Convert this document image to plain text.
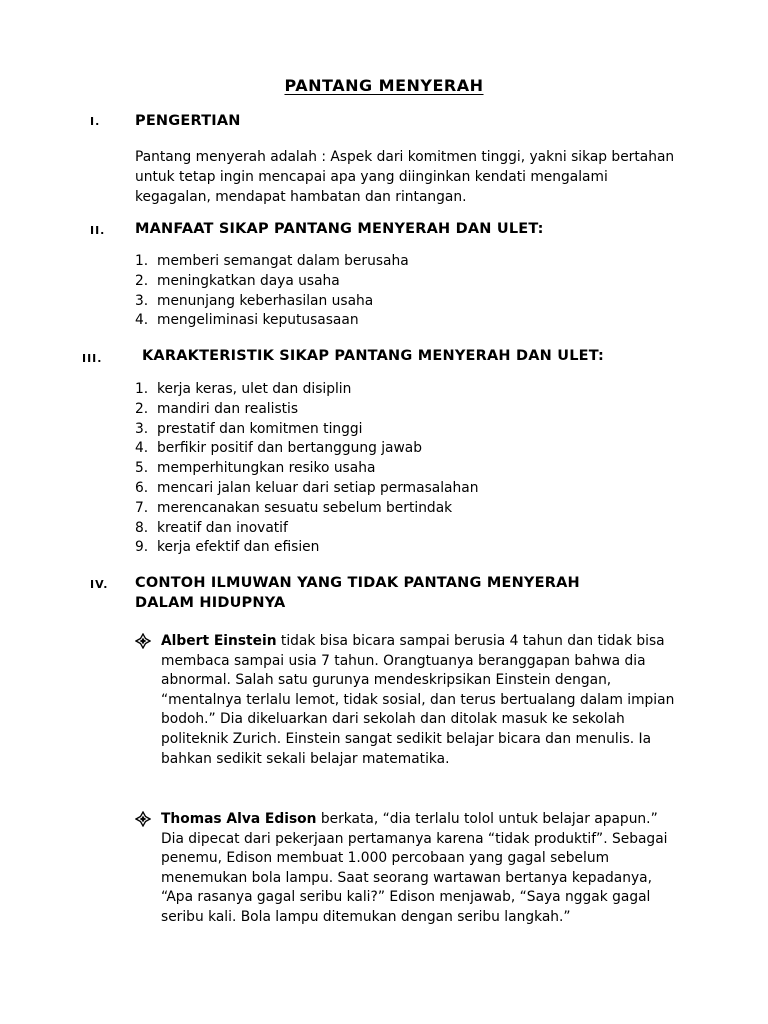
PANTANG MENYERAH
I. PENGERTIAN

Pantang menyerah adalah : Aspek dari komitmen tinggi, yakni sikap bertahan untuk tetap ingin mencapai apa yang diinginkan kendati mengalami kegagalan, mendapat hambatan dan rintangan.

II. MANFAAT SIKAP PANTANG MENYERAH DAN ULET:
1. memberi semangat dalam berusaha
2. meningkatkan daya usaha
3. menunjang keberhasilan usaha
4. mengeliminasi keputusasaan
III.	KARAKTERISTIK SIKAP PANTANG MENYERAH DAN ULET:
1. kerja keras, ulet dan disiplin
2. mandiri dan realistis
3. prestatif dan komitmen tinggi
4. berfikir positif dan bertanggung jawab
5. memperhitungkan resiko usaha
6. mencari jalan keluar dari setiap permasalahan
7. merencanakan sesuatu sebelum bertindak
8. kreatif dan inovatif
9. kerja efektif dan efisien
IV. CONTOH ILMUWAN YANG TIDAK PANTANG MENYERAH
DALAM HIDUPNYA

Albert Einstein tidak bisa bicara sampai berusia 4 tahun dan tidak bisa membaca sampai usia 7 tahun. Orangtuanya beranggapan bahwa dia abnormal. Salah satu gurunya mendeskripsikan Einstein dengan, “mentalnya terlalu lemot, tidak sosial, dan terus bertualang dalam impian bodoh.” Dia dikeluarkan dari sekolah dan ditolak masuk ke sekolah politeknik Zurich. Einstein sangat sedikit belajar bicara dan menulis. Ia bahkan sedikit sekali belajar matematika.

Thomas Alva Edison berkata, “dia terlalu tolol untuk belajar apapun.” Dia dipecat dari pekerjaan pertamanya karena “tidak produktif”. Sebagai penemu, Edison membuat 1.000 percobaan yang gagal sebelum menemukan bola lampu. Saat seorang wartawan bertanya kepadanya, “Apa rasanya gagal seribu kali?” Edison menjawab, “Saya nggak gagal seribu kali. Bola lampu ditemukan dengan seribu langkah.”
